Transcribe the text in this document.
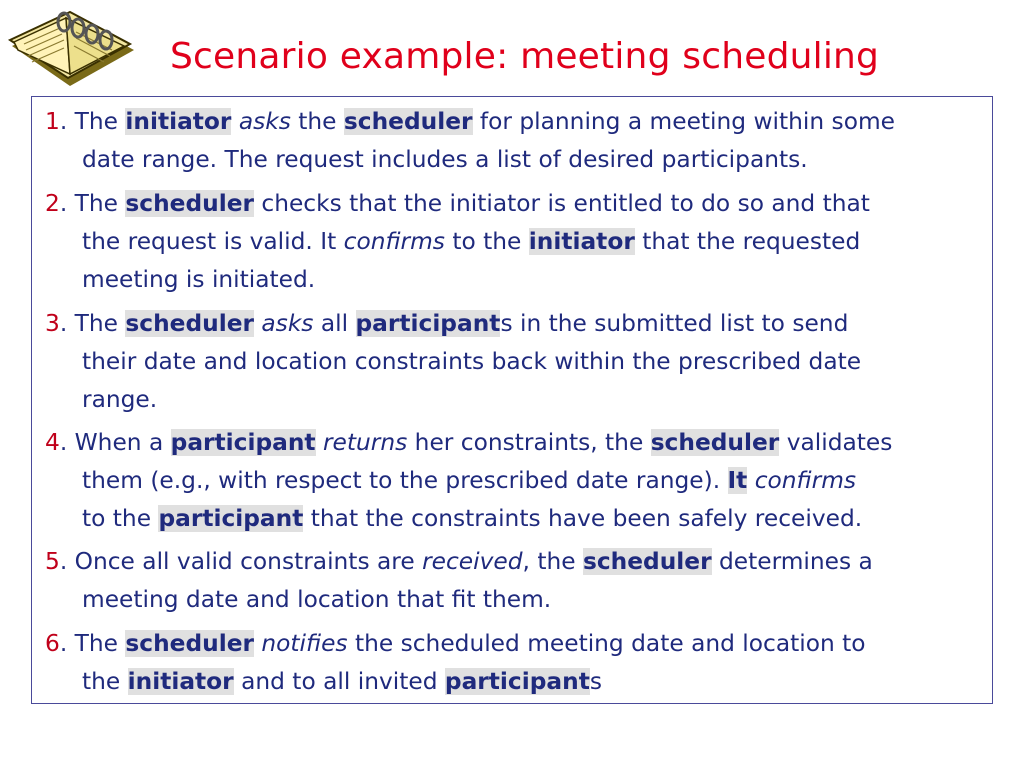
Scenario example: meeting scheduling
1. The initiator asks the scheduler for planning a meeting within some
date range. The request includes a list of desired participants.
2. The scheduler checks that the initiator is entitled to do so and that
the request is valid. It confirms to the initiator that the requested
meeting is initiated.
3. The scheduler asks all participants in the submitted list to send
their date and location constraints back within the prescribed date
range.
4. When a participant returns her constraints, the scheduler validates
them (e.g., with respect to the prescribed date range). It confirms
to the participant that the constraints have been safely received.
5. Once all valid constraints are received, the scheduler determines a
meeting date and location that fit them.
6. The scheduler notifies the scheduled meeting date and location to
the initiator and to all invited participants
